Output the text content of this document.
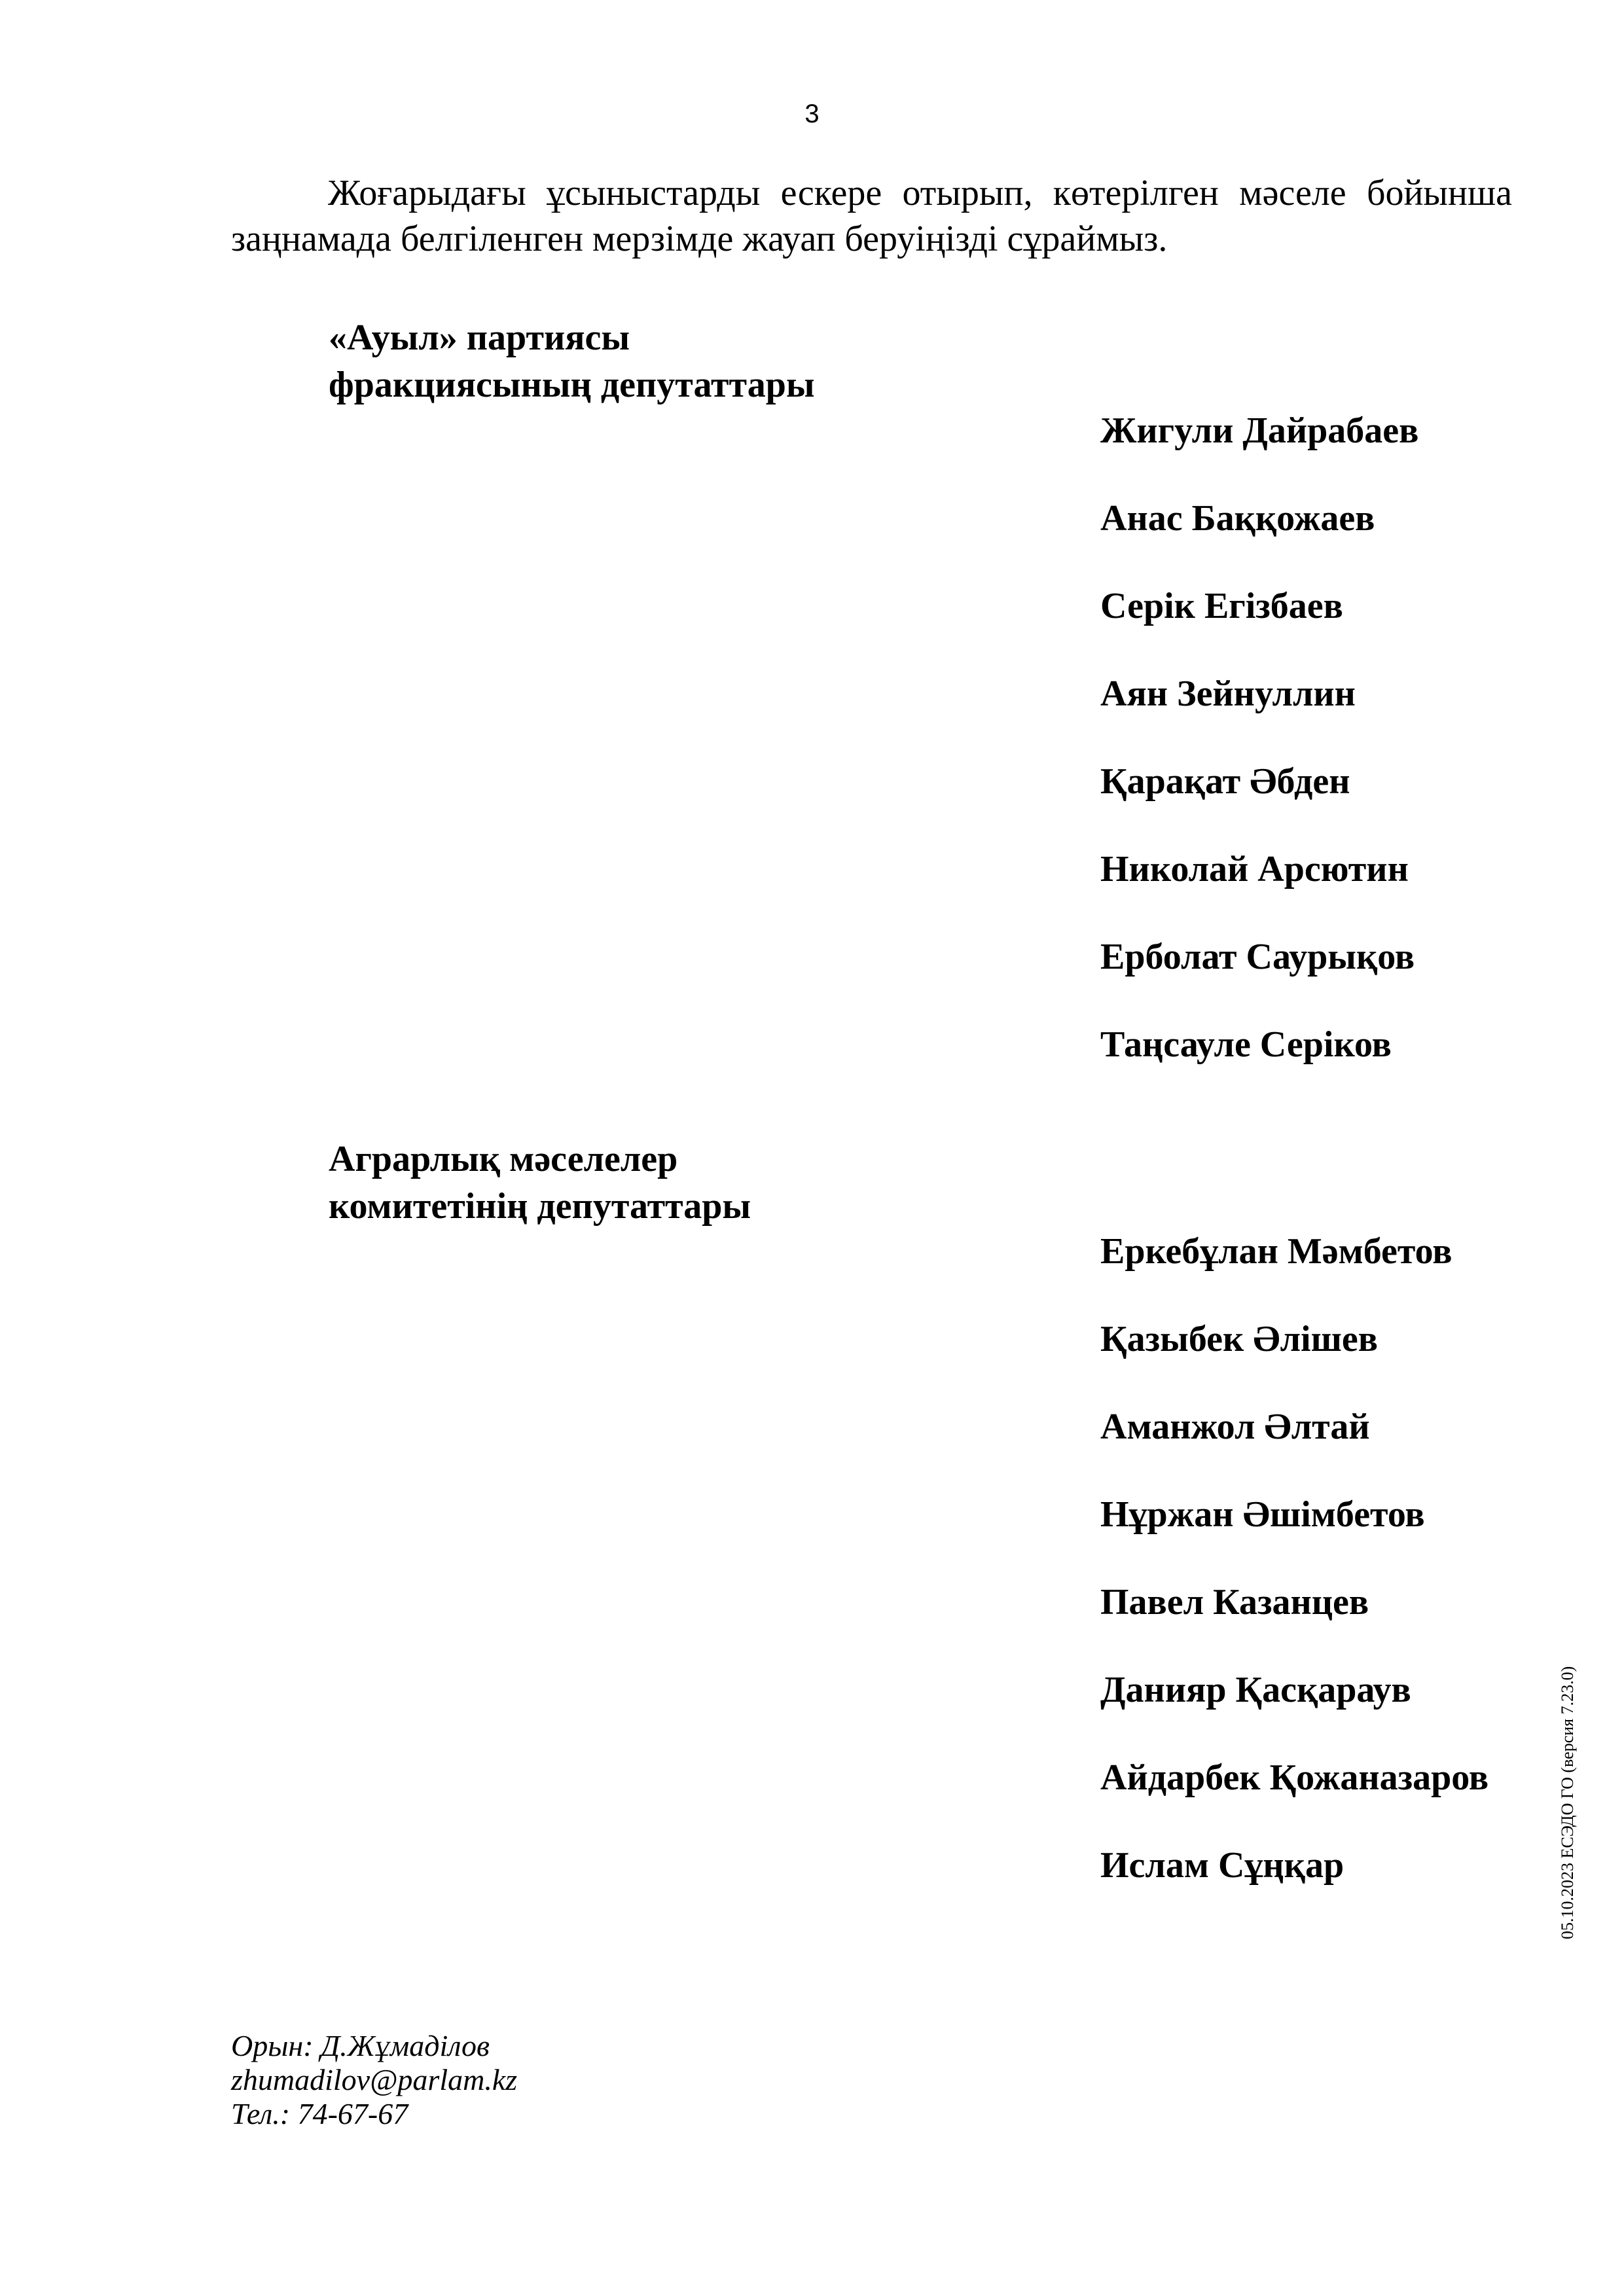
3

Жоғарыдағы ұсыныстарды ескере отырып, көтерілген мәселе бойынша
заңнамада белгіленген мерзімде жауап беруіңізді сұраймыз.

«Ауыл» партиясы
фракциясының депутаттары
Жигули Дайрабаев
Анас Баққожаев
Серік Егізбаев
Аян Зейнуллин
Қарақат Әбден
Николай Арсютин
Ерболат Саурықов
Таңсауле Серіков
Аграрлық мәселелер
комитетінің депутаттары
Еркебұлан Мәмбетов
Қазыбек Әлішев
Аманжол Әлтай
Нұржан Әшімбетов
Павел Казанцев
Данияр Қасқараув
Айдарбек Қожаназаров
Ислам Сұңқар
Орын: Д.Жұмаділов
zhumadilov@parlam.kz
Тел.: 74-67-67
05.10.2023 ЕСЭДО ГО (версия 7.23.0)
